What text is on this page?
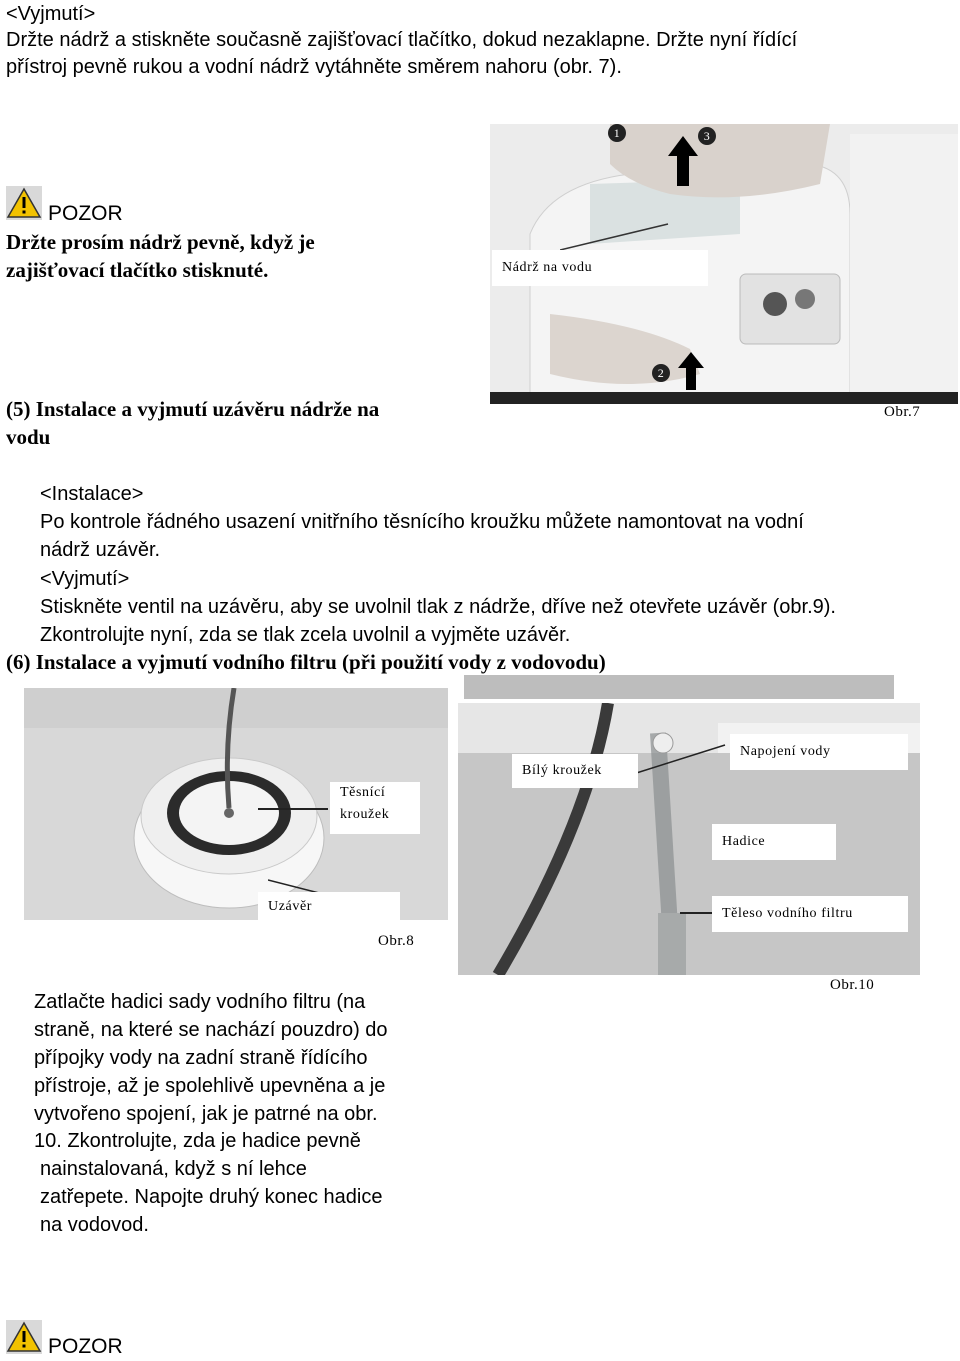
<Vyjmutí>
Držte nádrž a stiskněte současně zajišťovací tlačítko, dokud nezaklapne. Držte nyní řídící
přístroj pevně rukou a vodní nádrž vytáhněte směrem nahoru (obr. 7).
POZOR
Držte prosím nádrž pevně, když je
zajišťovací tlačítko stisknuté.
1	3
2
Nádrž na vodu
Obr.7
(5) Instalace a vyjmutí uzávěru nádrže na
vodu
<Instalace>
Po kontrole řádného usazení vnitřního těsnícího kroužku můžete namontovat na vodní
nádrž uzávěr.
<Vyjmutí>
Stiskněte ventil na uzávěru, aby se uvolnil tlak z nádrže, dříve než otevřete uzávěr (obr.9).
Zkontrolujte nyní, zda se tlak zcela uvolnil a vyjměte uzávěr.
(6) Instalace a vyjmutí vodního filtru (při použití vody z vodovodu)
Těsnící
kroužek
Uzávěr
Obr.8
Bílý kroužek
Napojení vody
Hadice
Těleso vodního filtru
Obr.10
Zatlačte hadici sady vodního filtru (na
straně, na které se nachází pouzdro) do
přípojky vody na zadní straně řídícího
přístroje, až je spolehlivě upevněna a je
vytvořeno spojení, jak je patrné na obr.
10. Zkontrolujte, zda je hadice pevně
nainstalovaná, když s ní lehce
zatřepete. Napojte druhý konec hadice
na vodovod.
POZOR
